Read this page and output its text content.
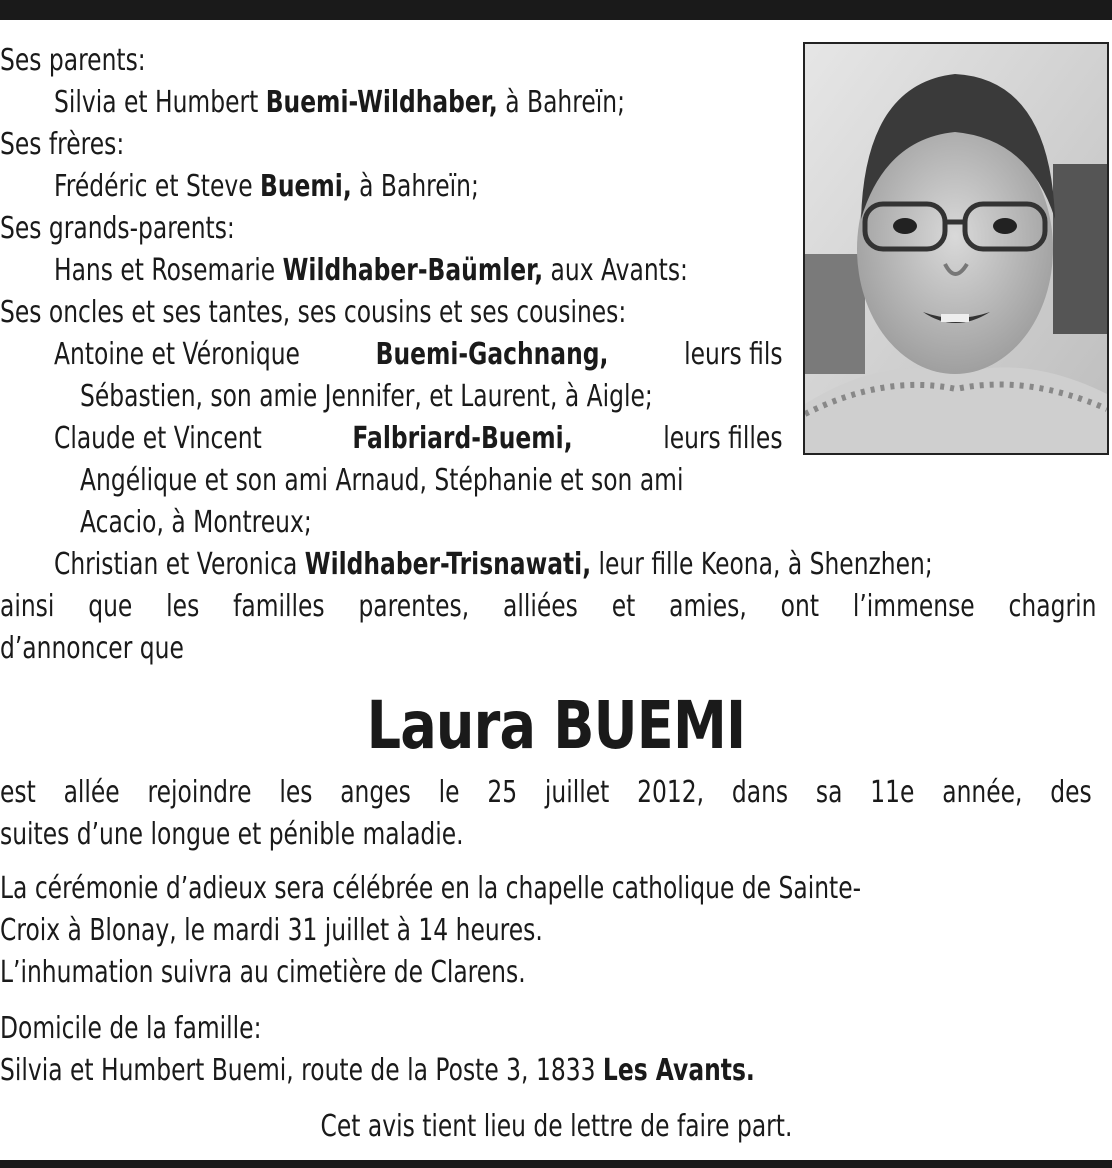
Ses parents:
Silvia et Humbert Buemi-Wildhaber, à Bahreïn;
Ses frères:
Frédéric et Steve Buemi, à Bahreïn;
Ses grands-parents:
Hans et Rosemarie Wildhaber-Baümler, aux Avants:
Ses oncles et ses tantes, ses cousins et ses cousines:
Antoine et Véronique	Buemi-Gachnang,	leurs fils
Sébastien, son amie Jennifer, et Laurent, à Aigle;
Claude et Vincent	Falbriard-Buemi,	leurs filles
Angélique et son ami Arnaud, Stéphanie et son ami
Acacio, à Montreux;
Christian et Veronica Wildhaber-Trisnawati, leur fille Keona, à Shenzhen;
ainsi que les familles parentes, alliées et amies, ont l’immense chagrin
d’annoncer que
Laura BUEMI
est allée rejoindre les anges le 25 juillet 2012, dans sa 11e année, des
suites d’une longue et pénible maladie.
La cérémonie d’adieux sera célébrée en la chapelle catholique de Sainte-
Croix à Blonay, le mardi 31 juillet à 14 heures.
L’inhumation suivra au cimetière de Clarens.
Domicile de la famille:
Silvia et Humbert Buemi, route de la Poste 3, 1833 Les Avants.
Cet avis tient lieu de lettre de faire part.
